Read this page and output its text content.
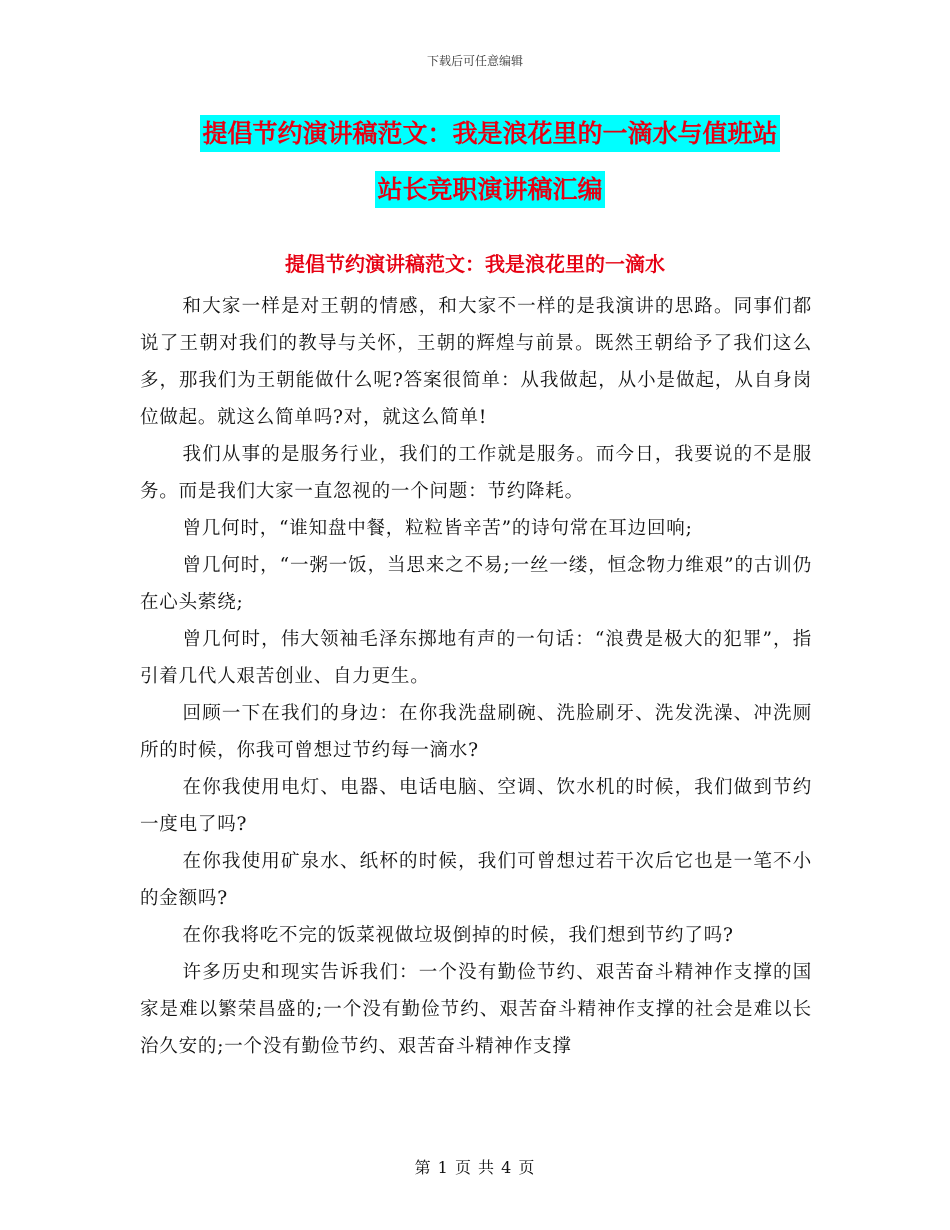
下载后可任意编辑
提倡节约演讲稿范文：我是浪花里的一滴水与值班站
站长竞职演讲稿汇编
提倡节约演讲稿范文：我是浪花里的一滴水

和大家一样是对王朝的情感，和大家不一样的是我演讲的思路。同事们都说了王朝对我们的教导与关怀，王朝的辉煌与前景。既然王朝给予了我们这么多，那我们为王朝能做什么呢?答案很简单：从我做起，从小是做起，从自身岗位做起。就这么简单吗?对，就这么简单!

我们从事的是服务行业，我们的工作就是服务。而今日，我要说的不是服务。而是我们大家一直忽视的一个问题：节约降耗。

曾几何时，“谁知盘中餐，粒粒皆辛苦”的诗句常在耳边回响;

曾几何时，“一粥一饭，当思来之不易;一丝一缕，恒念物力维艰”的古训仍在心头萦绕;

曾几何时，伟大领袖毛泽东掷地有声的一句话：“浪费是极大的犯罪”，指引着几代人艰苦创业、自力更生。

回顾一下在我们的身边：在你我洗盘刷碗、洗脸刷牙、洗发洗澡、冲洗厕所的时候，你我可曾想过节约每一滴水?

在你我使用电灯、电器、电话电脑、空调、饮水机的时候，我们做到节约一度电了吗?

在你我使用矿泉水、纸杯的时候，我们可曾想过若干次后它也是一笔不小的金额吗?

在你我将吃不完的饭菜视做垃圾倒掉的时候，我们想到节约了吗?

许多历史和现实告诉我们：一个没有勤俭节约、艰苦奋斗精神作支撑的国家是难以繁荣昌盛的;一个没有勤俭节约、艰苦奋斗精神作支撑的社会是难以长治久安的;一个没有勤俭节约、艰苦奋斗精神作支撑

第 1 页 共 4 页
